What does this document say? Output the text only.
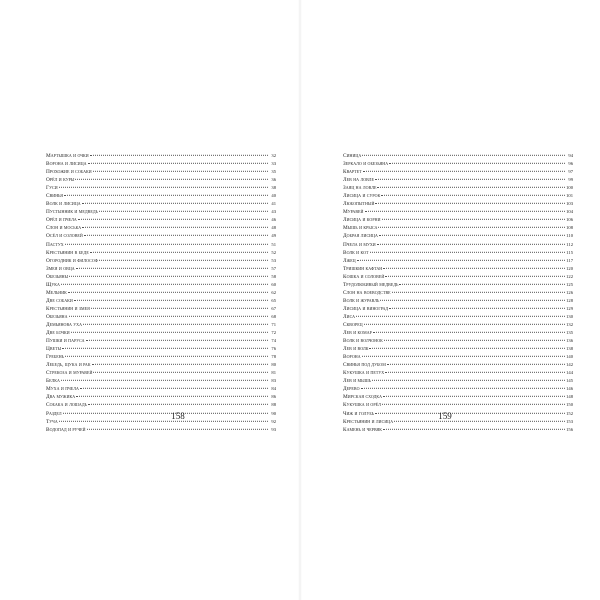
Мартышка и очки	32
Ворона и лисица	33
Прохожие и собаки	35
Орёл и куры	36
Гуси	38
Свинья	40
Волк и лисица	41
Пустынник и медведь	43
Орёл и пчела	46
Слон и моська	48
Осёл и соловей	49
Пастух	51
Крестьянин в беде	52
Огородник и философ	53
Змея и овца	57
Обезьяны	58
Щука	60
Мельник	62
Две собаки	65
Крестьянин и змея	67
Обезьяна	68
Демьянова уха	71
Две бочки	72
Пушки и паруса	74
Цветы	76
Гребень	78
Лебедь, щука и рак	80
Стрекоза и муравей	81
Белка	83
Муха и пчела	84
Два мужика	86
Собака и лошадь	88
Раздел	90
Туча	92
Водопад и ручей	93
158
Синица	94
Зеркало и обезьяна	96
Квартет	97
Лев на ловле	99
Заяц на ловле	100
Лисица и сурок	101
Любопытный	103
Муравей	104
Лисица и корни	106
Мышь и крыса	108
Добрая лисица	110
Пчела и мухи	112
Волк и кот	115
Лжец	117
Тришкин кафтан	120
Кошка и соловей	122
Трудолюбивый медведь	125
Слон на воеводстве	126
Волк и журавль	128
Лисица и виноград	129
Лиса	130
Скворец	132
Лев и комар	135
Волк и волчонок	136
Лев и волк	138
Ворона	140
Свинья под дубом	142
Кукушка и петух	144
Лев и мышь	145
Дерево	146
Мирская сходка	148
Кукушка и орёл	150
Чиж и голубь	152
Крестьянин и лисица	153
Камень и червяк	156
159
